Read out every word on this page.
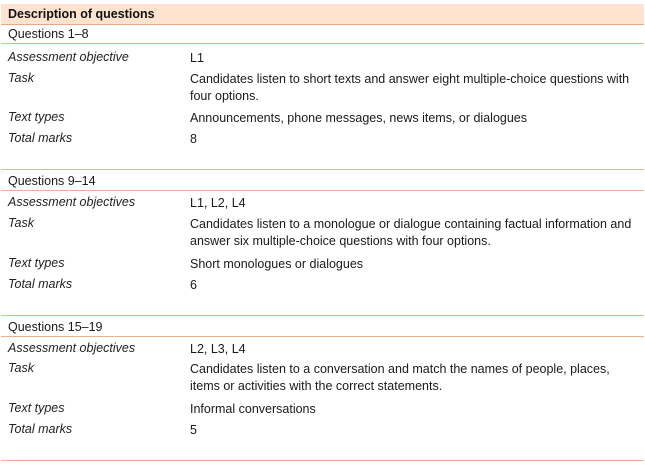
Description of questions
Questions 1–8
Assessment objective	L1
Task	Candidates listen to short texts and answer eight multiple-choice questions with four options.
Text types	Announcements, phone messages, news items, or dialogues
Total marks	8
Questions 9–14
Assessment objectives	L1, L2, L4
Task	Candidates listen to a monologue or dialogue containing factual information and answer six multiple-choice questions with four options.
Text types	Short monologues or dialogues
Total marks	6
Questions 15–19
Assessment objectives	L2, L3, L4
Task	Candidates listen to a conversation and match the names of people, places, items or activities with the correct statements.
Text types	Informal conversations
Total marks	5
